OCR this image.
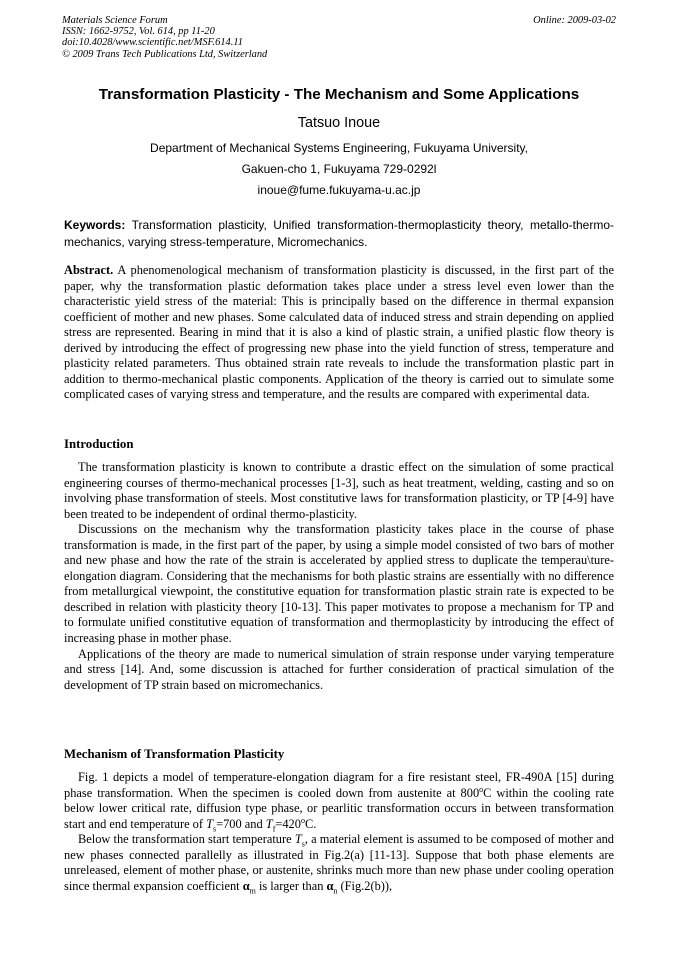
Materials Science Forum
ISSN: 1662-9752, Vol. 614, pp 11-20
doi:10.4028/www.scientific.net/MSF.614.11
© 2009 Trans Tech Publications Ltd, Switzerland
Online: 2009-03-02
Transformation Plasticity - The Mechanism and Some Applications
Tatsuo Inoue
Department of Mechanical Systems Engineering, Fukuyama University,
Gakuen-cho 1, Fukuyama 729-0292l
inoue@fume.fukuyama-u.ac.jp
Keywords: Transformation plasticity, Unified transformation-thermoplasticity theory, metallo-thermo-mechanics, varying stress-temperature, Micromechanics.

Abstract. A phenomenological mechanism of transformation plasticity is discussed, in the first part of the paper, why the transformation plastic deformation takes place under a stress level even lower than the characteristic yield stress of the material: This is principally based on the difference in thermal expansion coefficient of mother and new phases. Some calculated data of induced stress and strain depending on applied stress are represented. Bearing in mind that it is also a kind of plastic strain, a unified plastic flow theory is derived by introducing the effect of progressing new phase into the yield function of stress, temperature and plasticity related parameters. Thus obtained strain rate reveals to include the transformation plastic part in addition to thermo-mechanical plastic components. Application of the theory is carried out to simulate some complicated cases of varying stress and temperature, and the results are compared with experimental data.

Introduction

The transformation plasticity is known to contribute a drastic effect on the simulation of some practical engineering courses of thermo-mechanical processes [1-3], such as heat treatment, welding, casting and so on involving phase transformation of steels. Most constitutive laws for transformation plasticity, or TP [4-9] have been treated to be independent of ordinal thermo-plasticity.

Discussions on the mechanism why the transformation plasticity takes place in the course of phase transformation is made, in the first part of the paper, by using a simple model consisted of two bars of mother and new phase and how the rate of the strain is accelerated by applied stress to duplicate the temperau\ture-elongation diagram. Considering that the mechanisms for both plastic strains are essentially with no difference from metallurgical viewpoint, the constitutive equation for transformation plastic strain rate is expected to be described in relation with plasticity theory [10-13]. This paper motivates to propose a mechanism for TP and to formulate unified constitutive equation of transformation and thermoplasticity by introducing the effect of increasing phase in mother phase.

Applications of the theory are made to numerical simulation of strain response under varying temperature and stress [14]. And, some discussion is attached for further consideration of practical simulation of the development of TP strain based on micromechanics.

Mechanism of Transformation Plasticity

Fig. 1 depicts a model of temperature-elongation diagram for a fire resistant steel, FR-490A [15] during phase transformation. When the specimen is cooled down from austenite at 800$^o$C within the cooling rate below lower critical rate, diffusion type phase, or pearlitic transformation occurs in between transformation start and end temperature of $T_s=700$ and $T_f=420^oC$.

Below the transformation start temperature $T_s$, a material element is assumed to be composed of mother and new phases connected parallelly as illustrated in Fig.2(a) [11-13]. Suppose that both phase elements are unreleased, element of mother phase, or austenite, shrinks much more than new phase under cooling operation since thermal expansion coefficient $\alpha_m$ is larger than $\alpha_n$ (Fig.2(b)),
